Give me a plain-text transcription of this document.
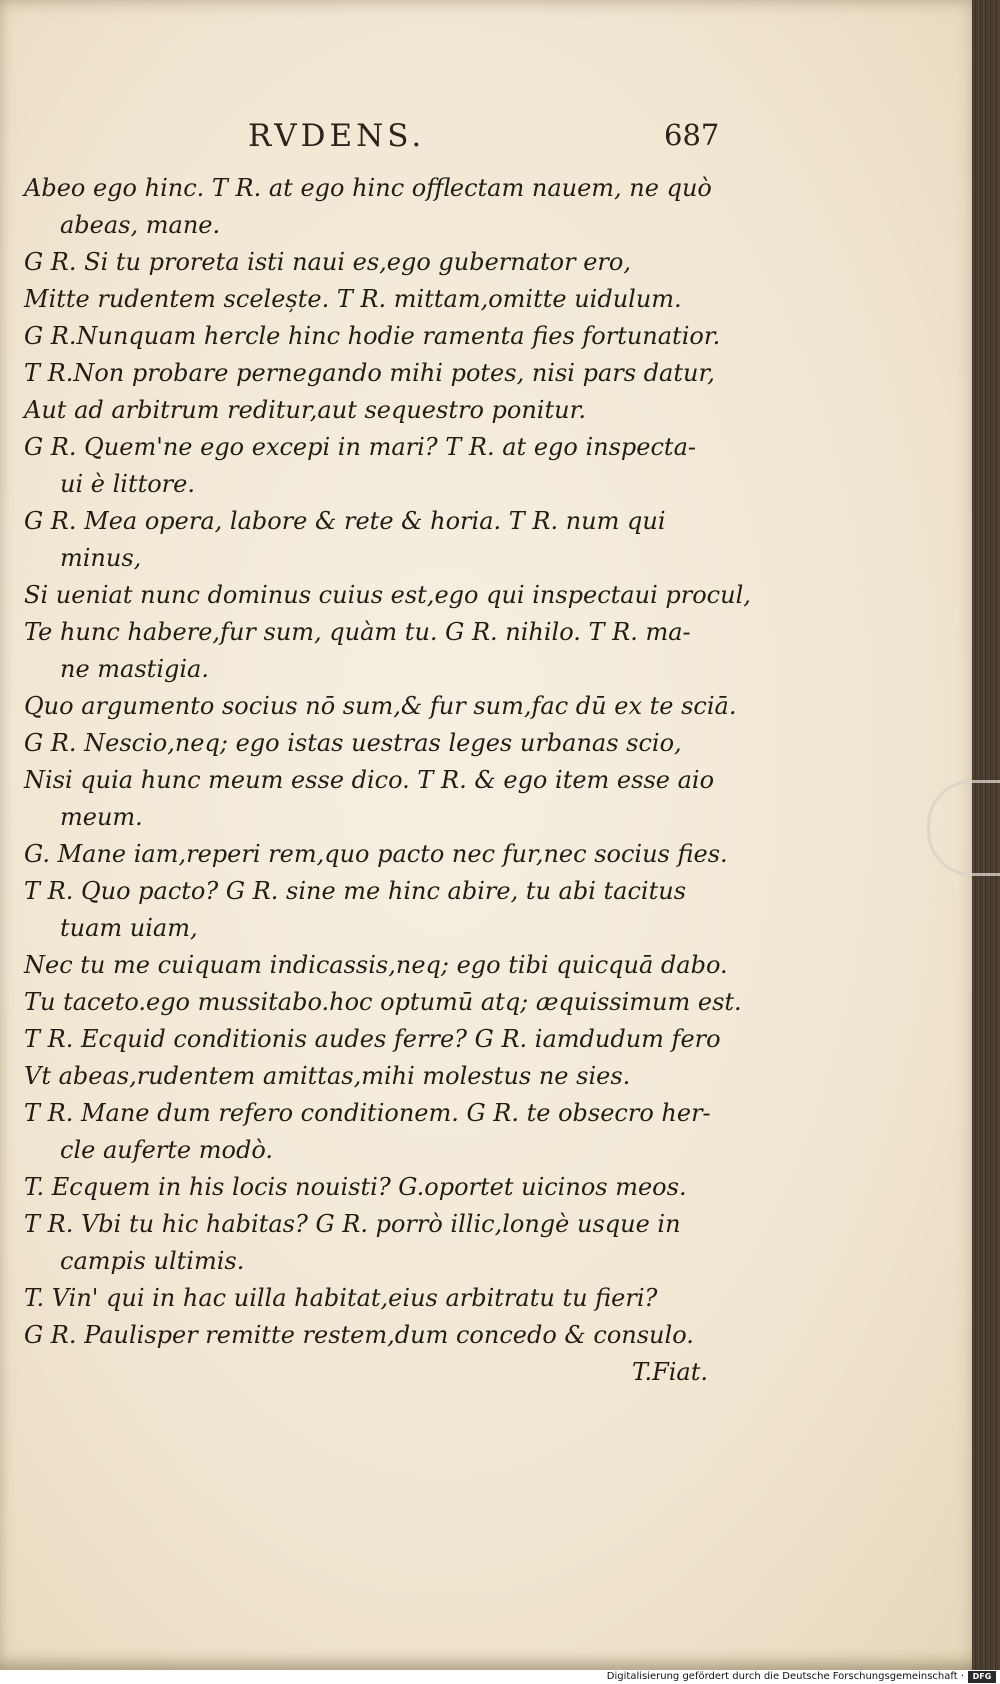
RVDENS.	687
Abeo ego hinc. T R. at ego hinc offlectam nauem, ne quò
abeas, mane.
G R. Si tu proreta isti naui es,ego gubernator ero,
Mitte rudentem scelește. T R. mittam,omitte uidulum.
G R.Nunquam hercle hinc hodie ramenta fies fortunatior.
T R.Non probare pernegando mihi potes, nisi pars datur,
Aut ad arbitrum reditur,aut sequestro ponitur.
G R. Quem'ne ego excepi in mari? T R. at ego inspecta-
ui è littore.
G R. Mea opera, labore & rete & horia. T R. num qui
minus,
Si ueniat nunc dominus cuius est,ego qui inspectaui procul,
Te hunc habere,fur sum, quàm tu. G R. nihilo. T R. ma-
ne mastigia.
Quo argumento socius nō sum,& fur sum,fac dū ex te sciā.
G R. Nescio,neq; ego istas uestras leges urbanas scio,
Nisi quia hunc meum esse dico. T R. & ego item esse aio
meum.
G. Mane iam,reperi rem,quo pacto nec fur,nec socius fies.
T R. Quo pacto? G R. sine me hinc abire, tu abi tacitus
tuam uiam,
Nec tu me cuiquam indicassis,neq; ego tibi quicquā dabo.
Tu taceto.ego mussitabo.hoc optumū atq; æquissimum est.
T R. Ecquid conditionis audes ferre? G R. iamdudum fero
Vt abeas,rudentem amittas,mihi molestus ne sies.
T R. Mane dum refero conditionem. G R. te obsecro her-
cle auferte modò.
T. Ecquem in his locis nouisti? G.oportet uicinos meos.
T R. Vbi tu hic habitas? G R. porrò illic,longè usque in
campis ultimis.
T. Vin' qui in hac uilla habitat,eius arbitratu tu fieri?
G R. Paulisper remitte restem,dum concedo & consulo.
T.Fiat.
Digitalisierung gefördert durch die Deutsche Forschungsgemeinschaft ·	DFG
